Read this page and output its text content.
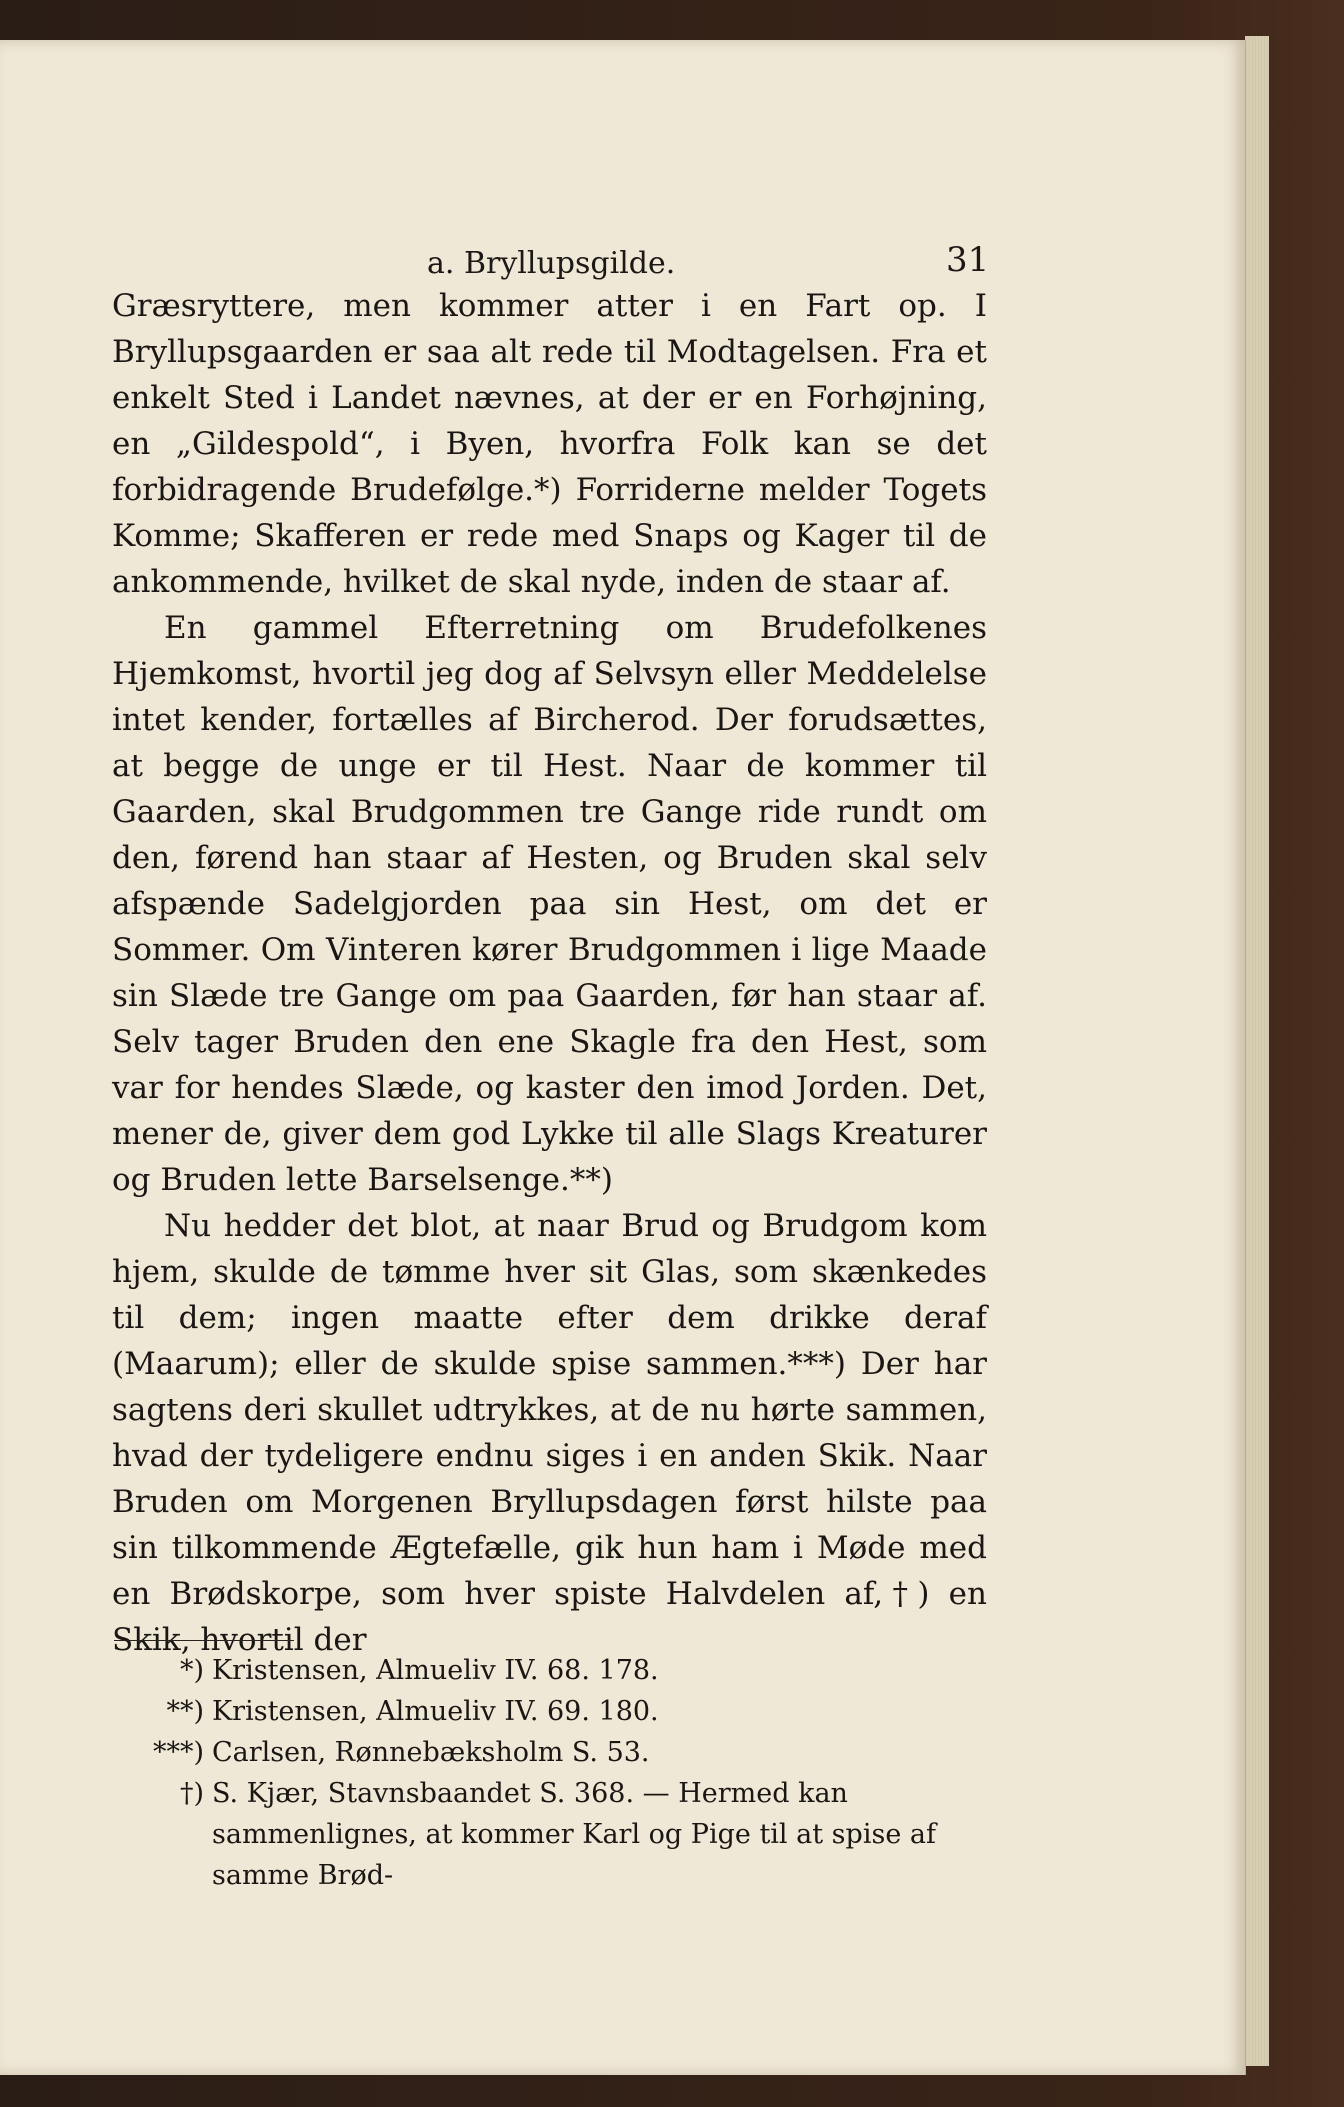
a. Bryllupsgilde.	31

Græsryttere, men kommer atter i en Fart op. I Bryllupsgaarden er saa alt rede til Modtagelsen. Fra et enkelt Sted i Landet nævnes, at der er en Forhøjning, en „Gildespold“, i Byen, hvorfra Folk kan se det forbidragende Brudefølge.*) Forriderne melder Togets Komme; Skafferen er rede med Snaps og Kager til de ankommende, hvilket de skal nyde, inden de staar af.

En gammel Efterretning om Brudefolkenes Hjemkomst, hvortil jeg dog af Selvsyn eller Meddelelse intet kender, fortælles af Bircherod. Der forudsættes, at begge de unge er til Hest. Naar de kommer til Gaarden, skal Brudgommen tre Gange ride rundt om den, førend han staar af Hesten, og Bruden skal selv afspænde Sadelgjorden paa sin Hest, om det er Sommer. Om Vinteren kører Brudgommen i lige Maade sin Slæde tre Gange om paa Gaarden, før han staar af. Selv tager Bruden den ene Skagle fra den Hest, som var for hendes Slæde, og kaster den imod Jorden. Det, mener de, giver dem god Lykke til alle Slags Kreaturer og Bruden lette Barselsenge.**)

Nu hedder det blot, at naar Brud og Brudgom kom hjem, skulde de tømme hver sit Glas, som skænkedes til dem; ingen maatte efter dem drikke deraf (Maarum); eller de skulde spise sammen.***) Der har sagtens deri skullet udtrykkes, at de nu hørte sammen, hvad der tydeligere endnu siges i en anden Skik. Naar Bruden om Morgenen Bryllupsdagen først hilste paa sin tilkommende Ægtefælle, gik hun ham i Møde med en Brødskorpe, som hver spiste Halvdelen af,†) en Skik, hvortil der

*) Kristensen, Almueliv IV. 68. 178.
**) Kristensen, Almueliv IV. 69. 180.
***) Carlsen, Rønnebæksholm S. 53.
†) S. Kjær, Stavnsbaandet S. 368. — Hermed kan sammenlignes, at kommer Karl og Pige til at spise af samme Brød-
